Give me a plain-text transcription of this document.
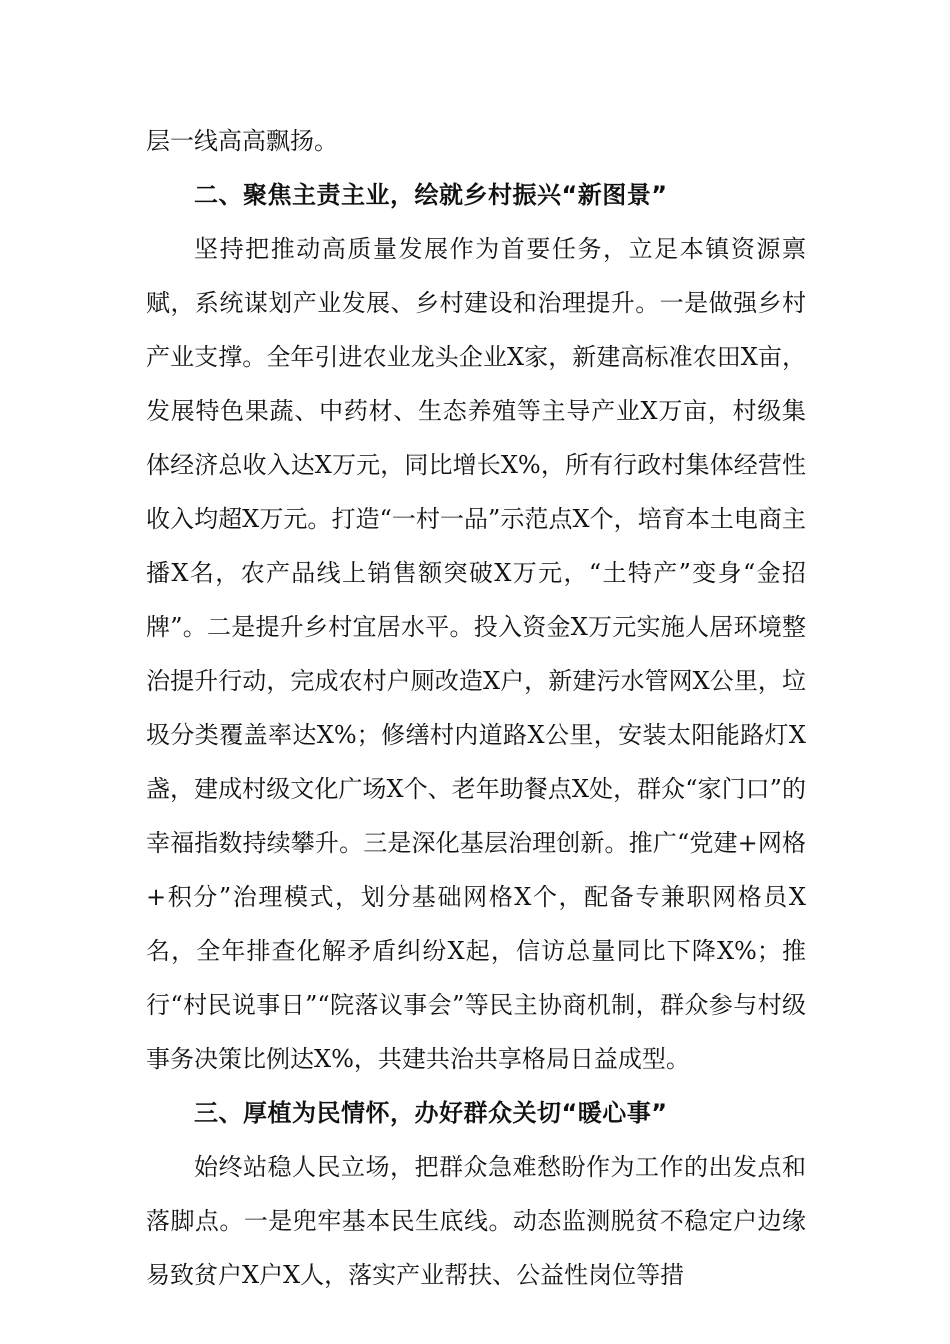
层一线高高飘扬。

二、聚焦主责主业，绘就乡村振兴“新图景”

坚持把推动高质量发展作为首要任务，立足本镇资源禀赋，系统谋划产业发展、乡村建设和治理提升。一是做强乡村产业支撑。全年引进农业龙头企业X家，新建高标准农田X亩，发展特色果蔬、中药材、生态养殖等主导产业X万亩，村级集体经济总收入达X万元，同比增长X%，所有行政村集体经营性收入均超X万元。打造“一村一品”示范点X个，培育本土电商主播X名，农产品线上销售额突破X万元，“土特产”变身“金招牌”。二是提升乡村宜居水平。投入资金X万元实施人居环境整治提升行动，完成农村户厕改造X户，新建污水管网X公里，垃圾分类覆盖率达X%；修缮村内道路X公里，安装太阳能路灯X盏，建成村级文化广场X个、老年助餐点X处，群众“家门口”的幸福指数持续攀升。三是深化基层治理创新。推广“党建+网格+积分”治理模式，划分基础网格X个，配备专兼职网格员X名，全年排查化解矛盾纠纷X起，信访总量同比下降X%；推行“村民说事日”“院落议事会”等民主协商机制，群众参与村级事务决策比例达X%，共建共治共享格局日益成型。

三、厚植为民情怀，办好群众关切“暖心事”

始终站稳人民立场，把群众急难愁盼作为工作的出发点和落脚点。一是兜牢基本民生底线。动态监测脱贫不稳定户边缘易致贫户X户X人，落实产业帮扶、公益性岗位等措
